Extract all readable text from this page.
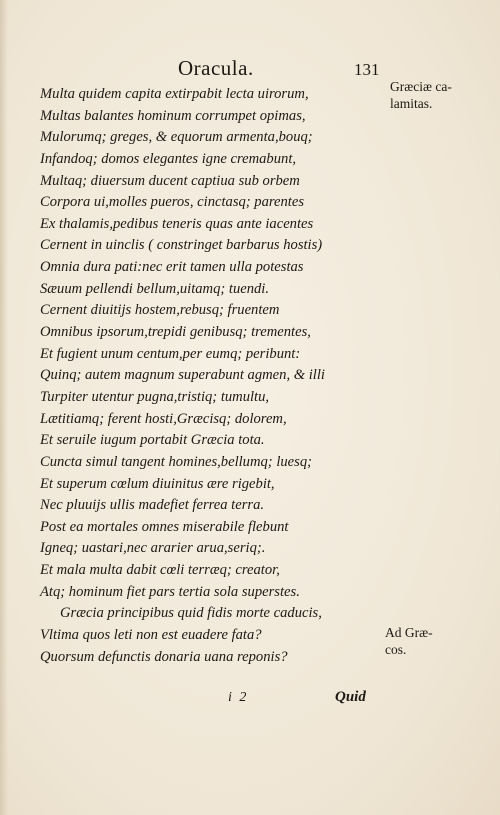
Oracula.	131
Multa quidem capita extirpabit lecta uirorum,
Multas balantes hominum corrumpet opimas,
Mulorumq; greges, & equorum armenta,bouq;
Infandoq; domos elegantes igne cremabunt,
Multaq; diuersum ducent captiua sub orbem
Corpora ui,molles pueros, cinctasq; parentes
Ex thalamis,pedibus teneris quas ante iacentes
Cernent in uinclis ( constringet barbarus hostis)
Omnia dura pati:nec erit tamen ulla potestas
Sæuum pellendi bellum,uitamq; tuendi.
Cernent diuitijs hostem,rebusq; fruentem
Omnibus ipsorum,trepidi genibusq; trementes,
Et fugient unum centum,per eumq; peribunt:
Quinq; autem magnum superabunt agmen, & illi
Turpiter utentur pugna,tristiq; tumultu,
Lætitiamq; ferent hosti,Græcisq; dolorem,
Et seruile iugum portabit Græcia tota.
Cuncta simul tangent homines,bellumq; luesq;
Et superum cœlum diuinitus ære rigebit,
Nec pluuijs ullis madefiet ferrea terra.
Post ea mortales omnes miserabile flebunt
Igneq; uastari,nec ararier arua,seriq;.
Et mala multa dabit cœli terræq; creator,
Atq; hominum fiet pars tertia sola superstes.
Græcia principibus quid fidis morte caducis,
Vltima quos leti non est euadere fata?
Quorsum defunctis donaria uana reponis?
Græciæ ca-
lamitas.
Ad Græ-
cos.
i 2	Quid
